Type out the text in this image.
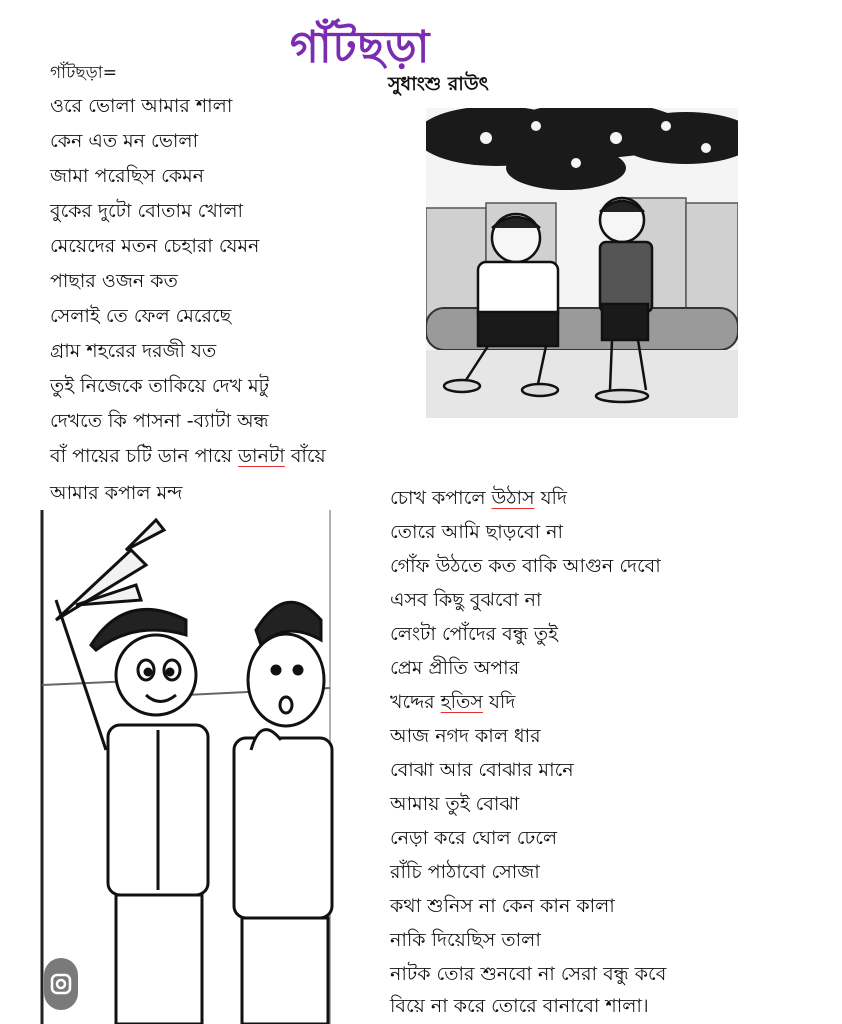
গাঁটছড়া
সুধাংশু রাউৎ
গাঁটছড়া=
ওরে ভোলা আমার শালা
কেন এত মন ভোলা
জামা পরেছিস কেমন
বুকের দুটো বোতাম খোলা
মেয়েদের মতন চেহারা যেমন
পাছার ওজন কত
সেলাই তে ফেল মেরেছে
গ্রাম শহরের দরজী যত
তুই নিজেকে তাকিয়ে দেখ মটু
দেখতে কি পাসনা -ব্যাটা অন্ধ
বাঁ পায়ের চটি ডান পায়ে ডানটা বাঁয়ে
আমার কপাল মন্দ	চোখ কপালে উঠাস যদি
তোরে আমি ছাড়বো না
গোঁফ উঠতে কত বাকি আগুন দেবো
এসব কিছু বুঝবো না
লেংটা পোঁদের বন্ধু তুই
প্রেম প্রীতি অপার
খদ্দের হতিস যদি
আজ নগদ কাল ধার
বোঝা আর বোঝার মানে
আমায় তুই বোঝা
নেড়া করে ঘোল ঢেলে
রাঁচি পাঠাবো সোজা
কথা শুনিস না কেন কান কালা
নাকি দিয়েছিস তালা
নাটক তোর শুনবো না সেরা বন্ধু কবে
বিয়ে না করে তোরে বানাবো শালা।
